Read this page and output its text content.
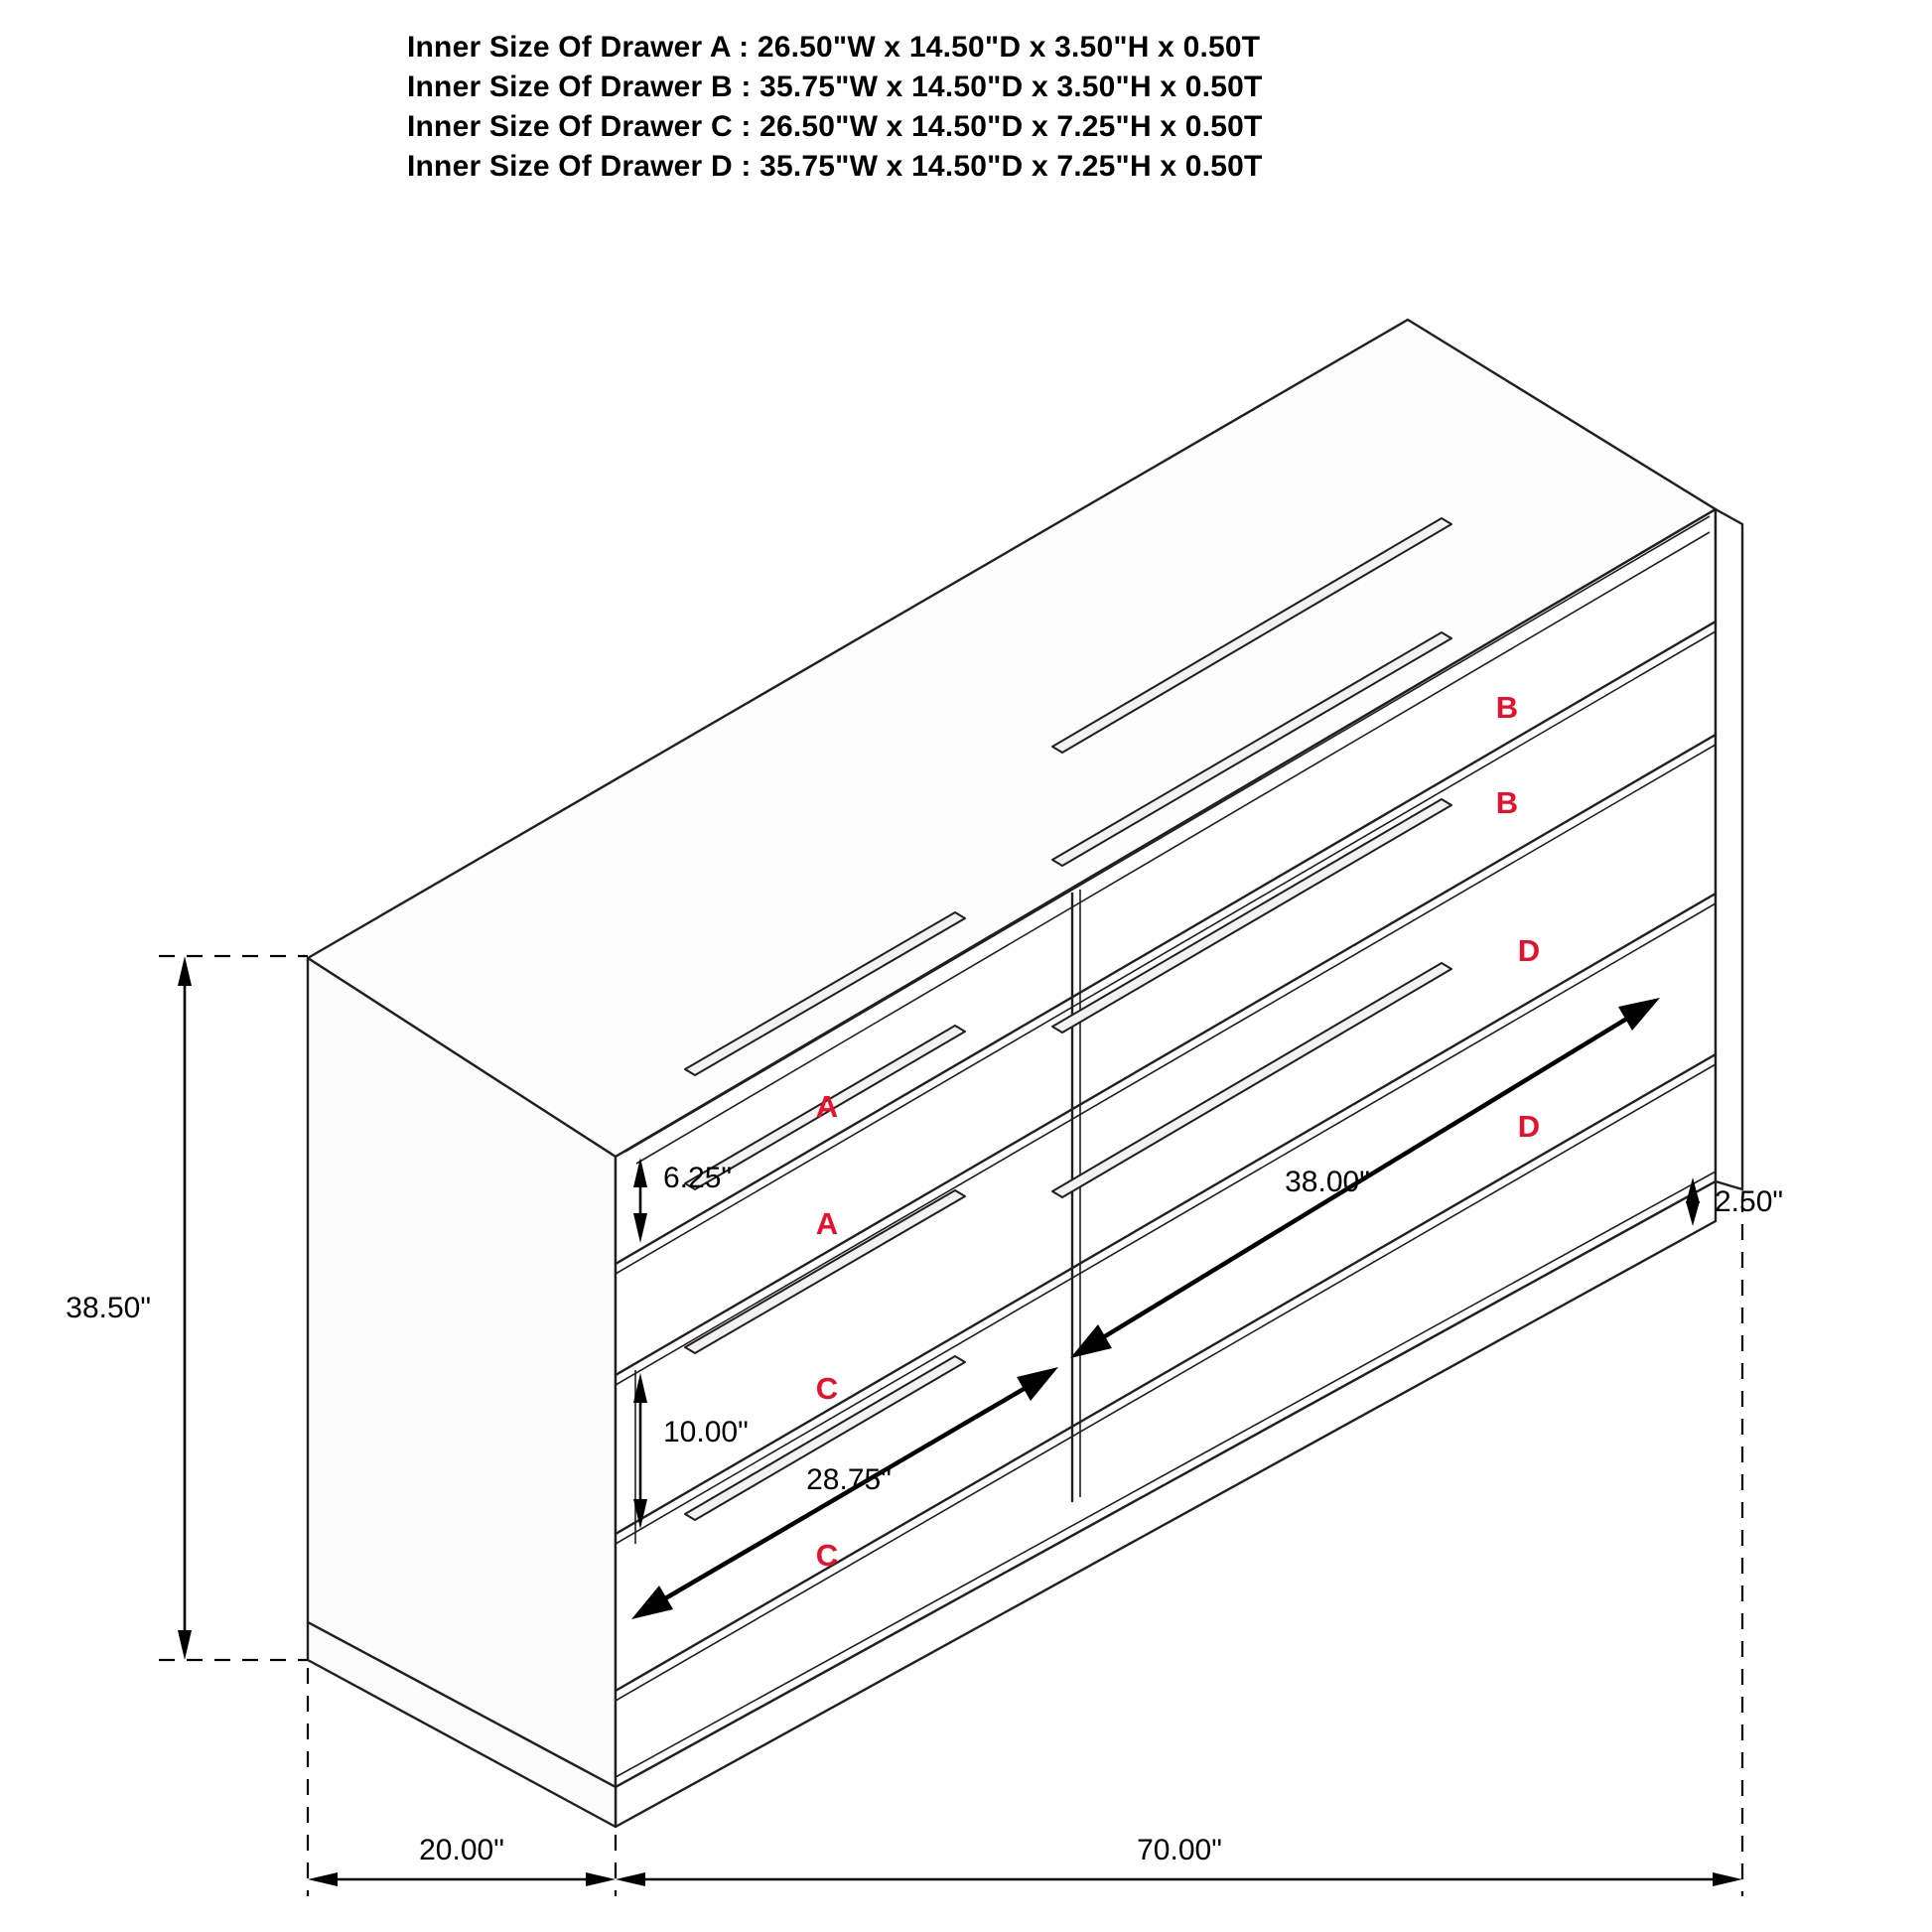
Inner Size Of Drawer A : 26.50"W x 14.50"D x 3.50"H x 0.50T
Inner Size Of Drawer B : 35.75"W x 14.50"D x 3.50"H x 0.50T
Inner Size Of Drawer C : 26.50"W x 14.50"D x 7.25"H x 0.50T
Inner Size Of Drawer D : 35.75"W x 14.50"D x 7.25"H x 0.50T
B
B
D
D
A
A
C
C
38.50"
6.25"
10.00"
2.50"
38.00"
28.75"
20.00"	70.00"
